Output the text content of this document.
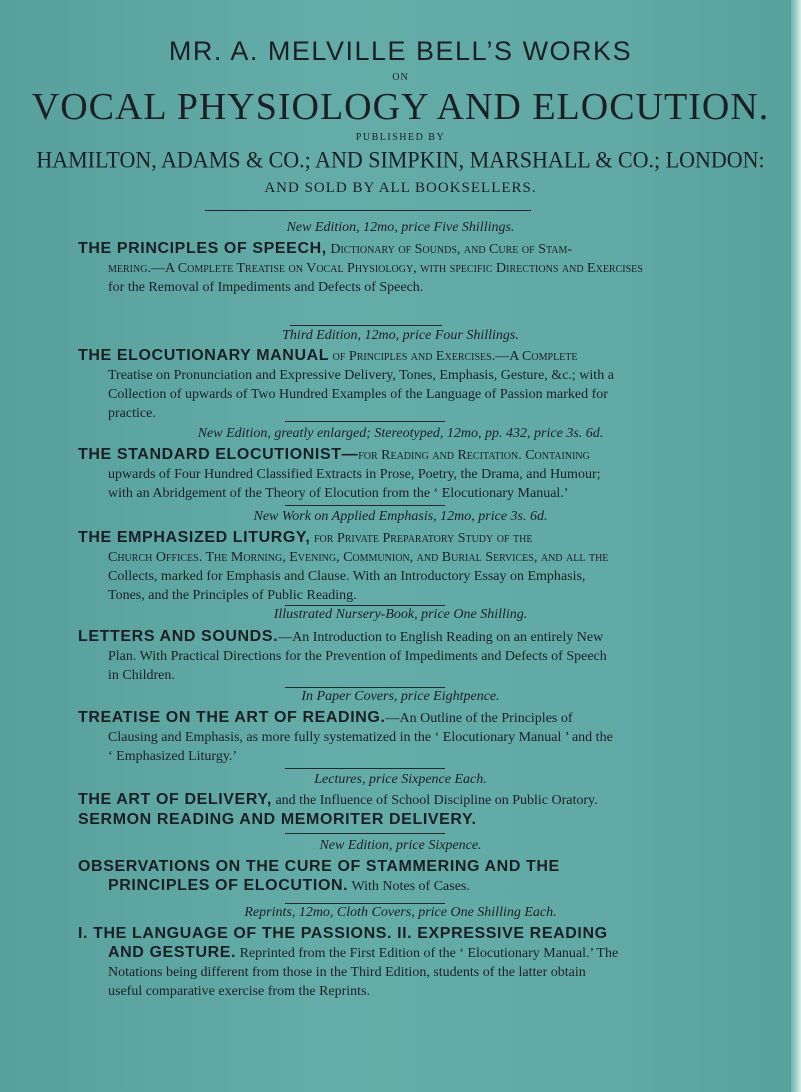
MR. A. MELVILLE BELL’S WORKS
ON
VOCAL PHYSIOLOGY AND ELOCUTION.
PUBLISHED BY
HAMILTON, ADAMS & CO.; AND SIMPKIN, MARSHALL & CO.; LONDON:
AND SOLD BY ALL BOOKSELLERS.
New Edition, 12mo, price Five Shillings.
THE PRINCIPLES OF SPEECH, Dictionary of Sounds, and Cure of Stam-
mering.—A Complete Treatise on Vocal Physiology, with specific Directions and Exercises
for the Removal of Impediments and Defects of Speech.
Third Edition, 12mo, price Four Shillings.
THE ELOCUTIONARY MANUAL of Principles and Exercises.—A Complete
Treatise on Pronunciation and Expressive Delivery, Tones, Emphasis, Gesture, &c.; with a
Collection of upwards of Two Hundred Examples of the Language of Passion marked for
practice.
New Edition, greatly enlarged; Stereotyped, 12mo, pp. 432, price 3s. 6d.
THE STANDARD ELOCUTIONIST—for Reading and Recitation. Containing
upwards of Four Hundred Classified Extracts in Prose, Poetry, the Drama, and Humour;
with an Abridgement of the Theory of Elocution from the ‘ Elocutionary Manual.’
New Work on Applied Emphasis, 12mo, price 3s. 6d.
THE EMPHASIZED LITURGY, for Private Preparatory Study of the
Church Offices. The Morning, Evening, Communion, and Burial Services, and all the
Collects, marked for Emphasis and Clause. With an Introductory Essay on Emphasis,
Tones, and the Principles of Public Reading.
Illustrated Nursery-Book, price One Shilling.
LETTERS AND SOUNDS.—An Introduction to English Reading on an entirely New
Plan. With Practical Directions for the Prevention of Impediments and Defects of Speech
in Children.
In Paper Covers, price Eightpence.
TREATISE ON THE ART OF READING.—An Outline of the Principles of
Clausing and Emphasis, as more fully systematized in the ‘ Elocutionary Manual ’ and the
‘ Emphasized Liturgy.’
Lectures, price Sixpence Each.
THE ART OF DELIVERY, and the Influence of School Discipline on Public Oratory.
SERMON READING AND MEMORITER DELIVERY.
New Edition, price Sixpence.
OBSERVATIONS ON THE CURE OF STAMMERING AND THE
PRINCIPLES OF ELOCUTION. With Notes of Cases.
Reprints, 12mo, Cloth Covers, price One Shilling Each.
I. THE LANGUAGE OF THE PASSIONS. II. EXPRESSIVE READING
AND GESTURE. Reprinted from the First Edition of the ‘ Elocutionary Manual.’ The
Notations being different from those in the Third Edition, students of the latter obtain
useful comparative exercise from the Reprints.
